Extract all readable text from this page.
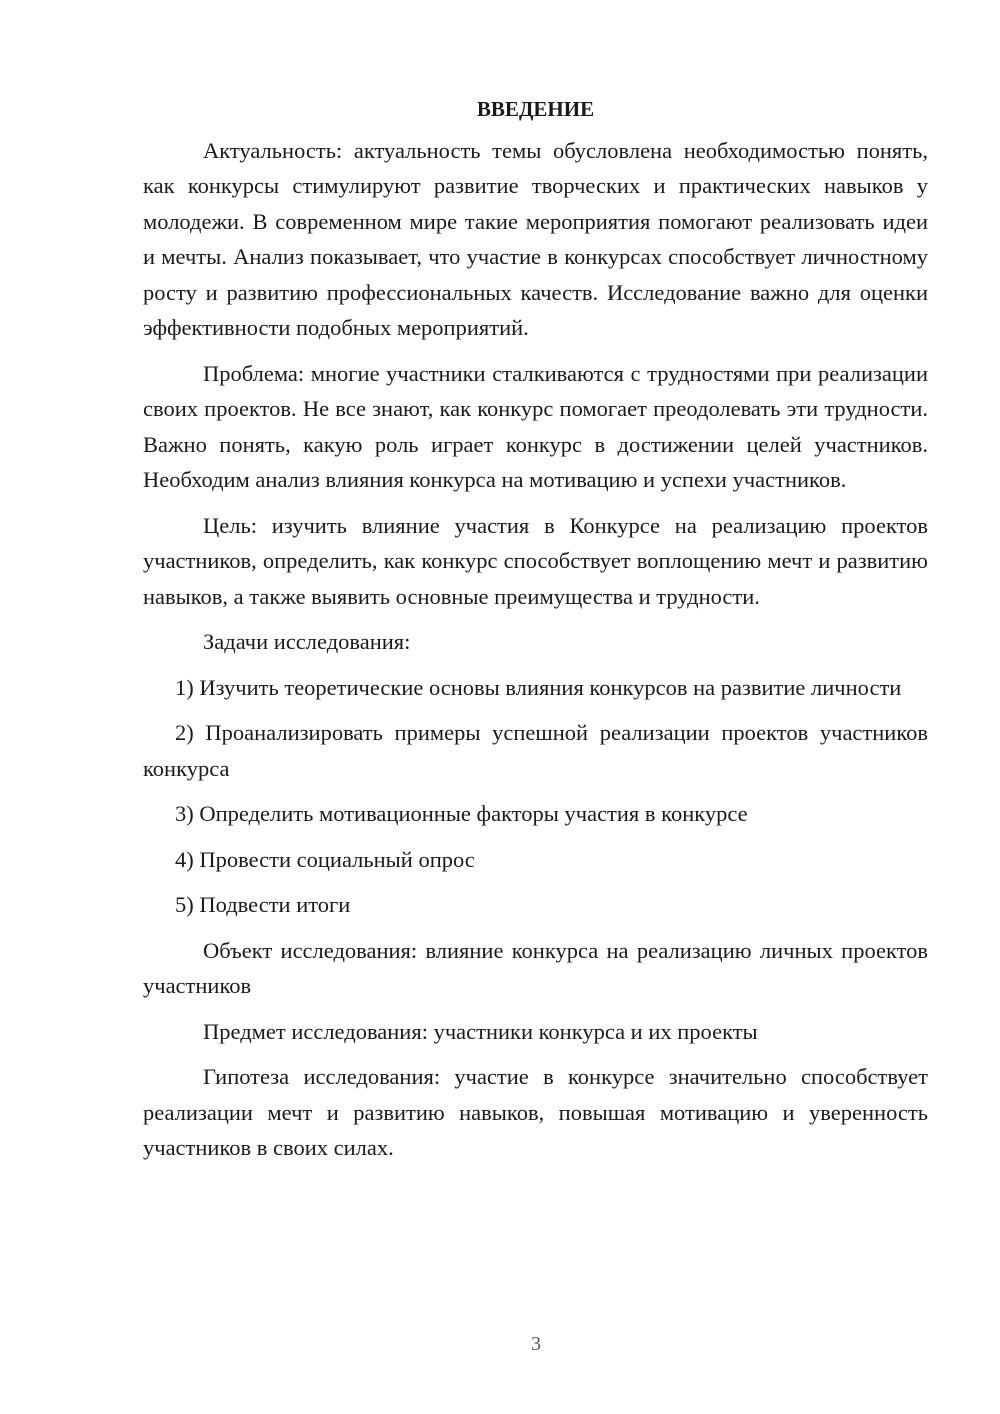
ВВЕДЕНИЕ

Актуальность: актуальность темы обусловлена необходимостью понять, как конкурсы стимулируют развитие творческих и практических навыков у молодежи. В современном мире такие мероприятия помогают реализовать идеи и мечты. Анализ показывает, что участие в конкурсах способствует личностному росту и развитию профессиональных качеств. Исследование важно для оценки эффективности подобных мероприятий.

Проблема: многие участники сталкиваются с трудностями при реализации своих проектов. Не все знают, как конкурс помогает преодолевать эти трудности. Важно понять, какую роль играет конкурс в достижении целей участников. Необходим анализ влияния конкурса на мотивацию и успехи участников.

Цель: изучить влияние участия в Конкурсе на реализацию проектов участников, определить, как конкурс способствует воплощению мечт и развитию навыков, а также выявить основные преимущества и трудности.

Задачи исследования:

1) Изучить теоретические основы влияния конкурсов на развитие личности

2) Проанализировать примеры успешной реализации проектов участников конкурса

3) Определить мотивационные факторы участия в конкурсе

4) Провести социальный опрос

5) Подвести итоги

Объект исследования: влияние конкурса на реализацию личных проектов участников

Предмет исследования: участники конкурса и их проекты

Гипотеза исследования: участие в конкурсе значительно способствует реализации мечт и развитию навыков, повышая мотивацию и уверенность участников в своих силах.

3
